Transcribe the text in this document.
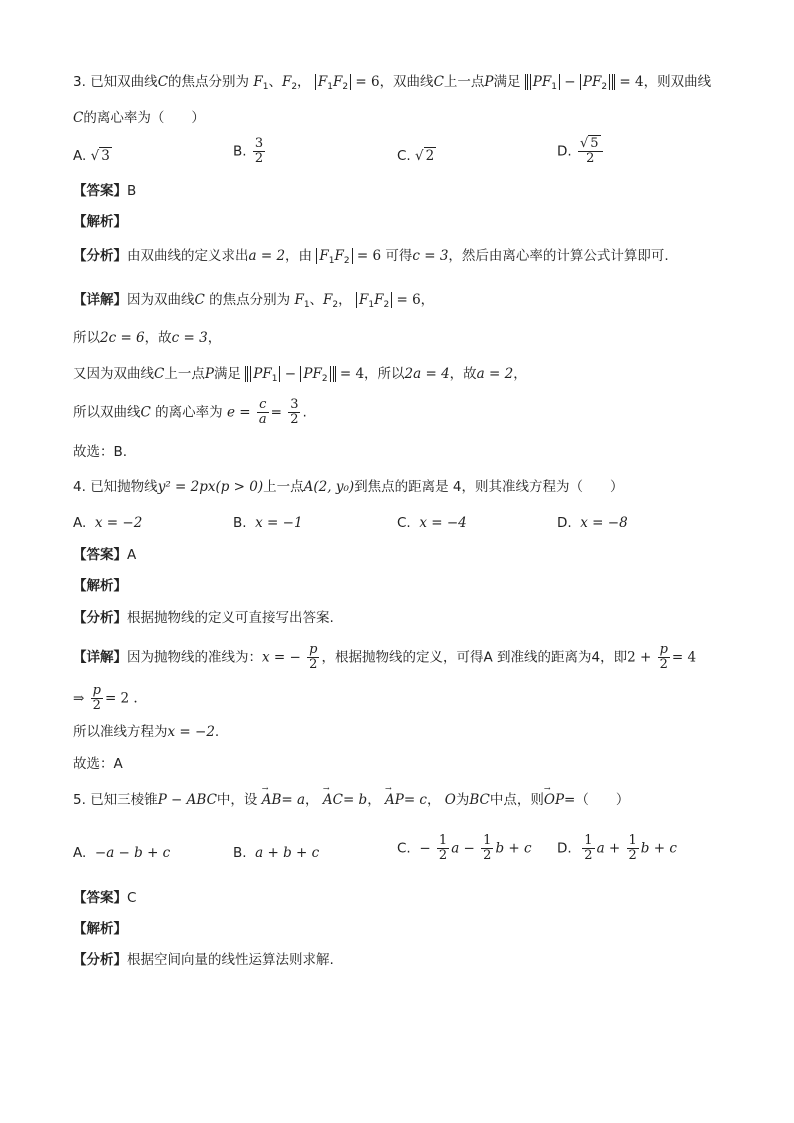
3. 已知双曲线C的焦点分别为 $F_1$、$F_2$， $F_1F_2 = 6$，双曲线C上一点P满足 $PF_1 - PF_2 = 4$，则双曲线
C的离心率为（　　）
A. √ 3	B. $\frac{3}{2}$	C. √ 2	D. $\frac{√ 5}{2}$
【答案】B
【解析】
【分析】由双曲线的定义求出a = 2，由 $F_1F_2 = 6$ 可得c = 3，然后由离心率的计算公式计算即可.
【详解】因为双曲线C 的焦点分别为 $F_1$、$F_2$， $F_1F_2 = 6$，
所以2c = 6，故c = 3，
又因为双曲线C上一点P满足 $PF_1 - PF_2 = 4$，所以2a = 4，故a = 2，
所以双曲线C 的离心率为 $e = \frac{c}{a} = \frac{3}{2}$ .
故选：B.
4. 已知抛物线y² = 2px(p > 0)上一点A(2, y₀)到焦点的距离是 4，则其准线方程为（　　）
A. x = −2	B. x = −1	C. x = −4	D. x = −8
【答案】A
【解析】
【分析】根据抛物线的定义可直接写出答案.
【详解】因为抛物线的准线为：x = − $\frac{p}{2}$ ，根据抛物线的定义，可得A 到准线的距离为4，即$2 + \frac{p}{2} = 4$
⇒ $\frac{p}{2} = 2$ .
所以准线方程为x = −2.
故选：A
5. 已知三棱锥P − ABC中，设 → AB= a， → AC= b， → AP= c， O为BC中点，则→ OP=（　　）
A. −a − b + c	B. a + b + c	C. − $\frac{1}{2}$ $a - \frac{1}{2}$ b + c D. $\frac{1}{2}$ $a + \frac{1}{2}$ b + c
【答案】C
【解析】
【分析】根据空间向量的线性运算法则求解.
